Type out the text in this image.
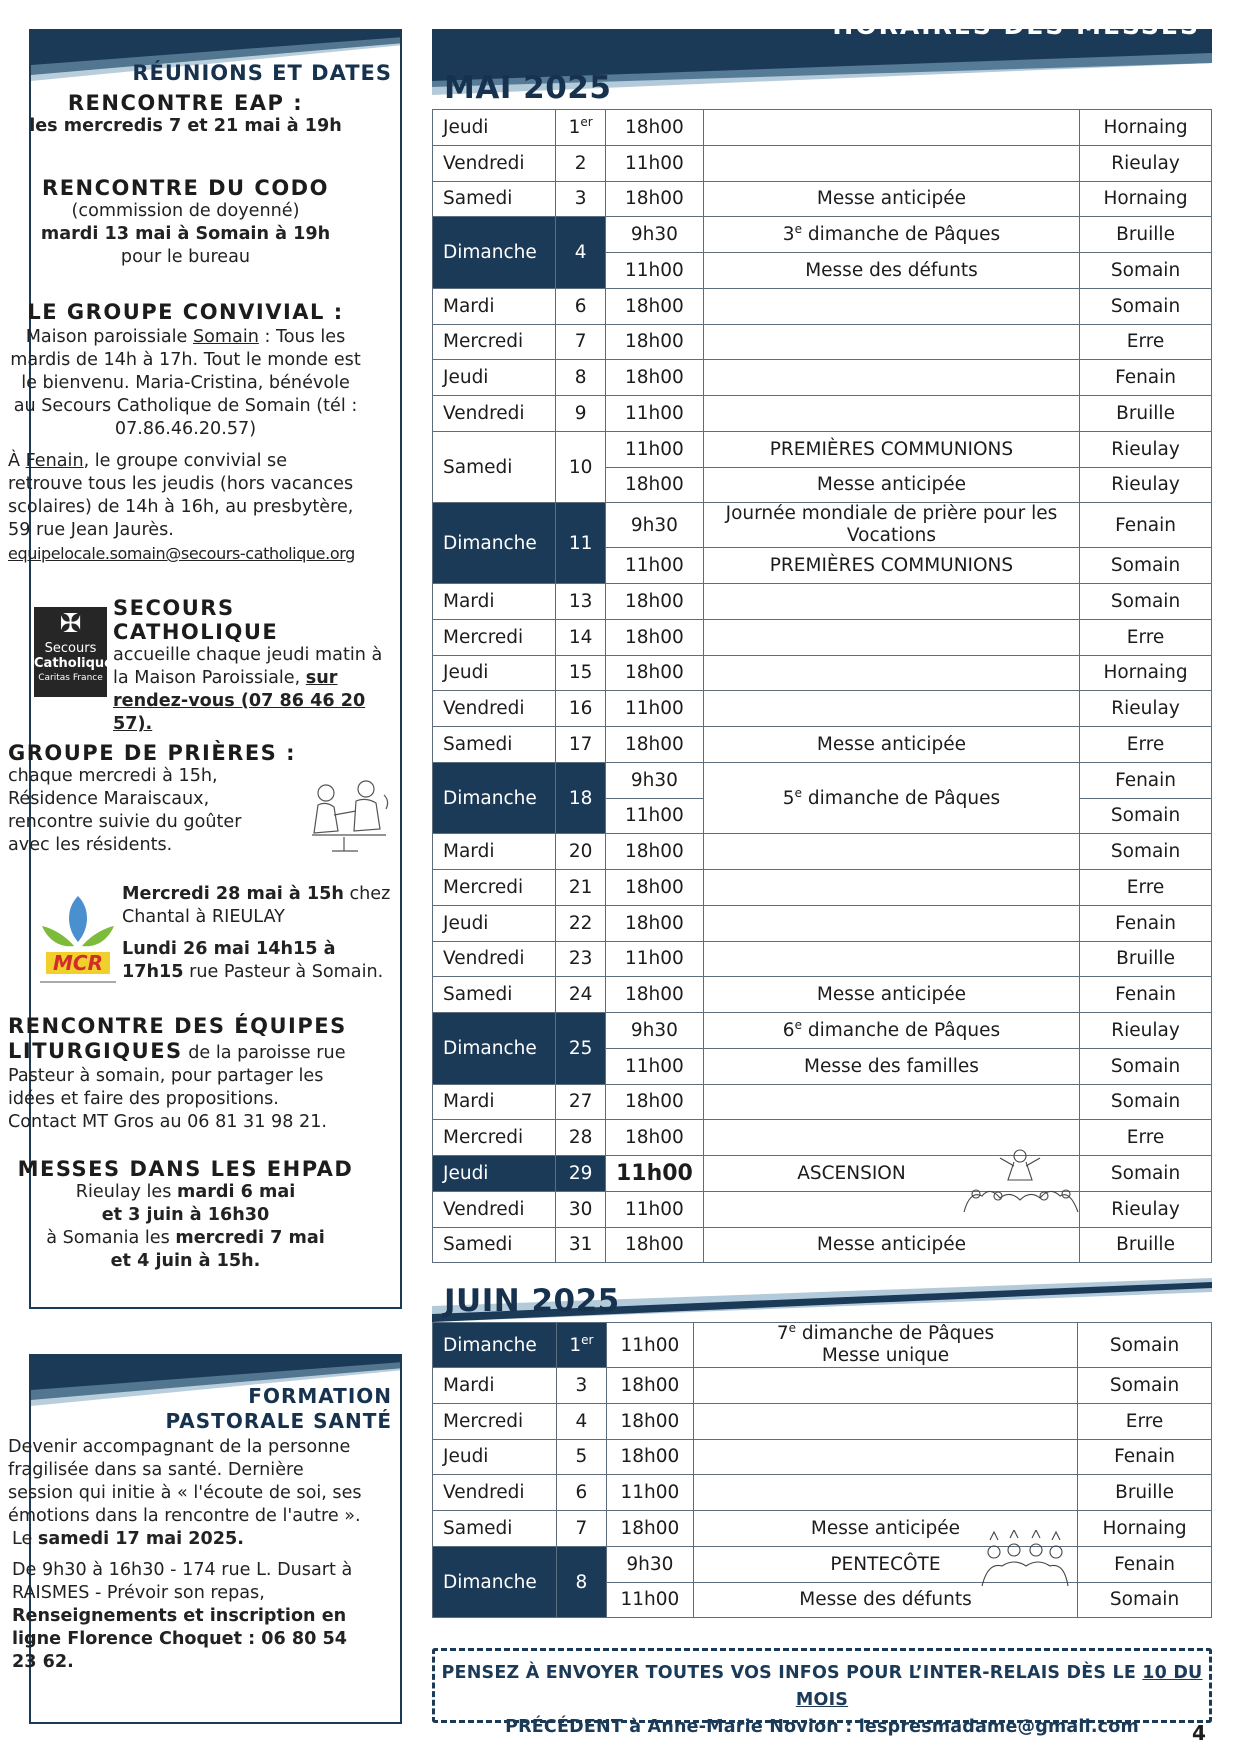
RÉUNIONS ET DATES
RENCONTRE EAP :
les mercredis 7 et 21 mai à 19h
RENCONTRE DU CODO
(commission de doyenné)
mardi 13 mai à Somain à 19h
pour le bureau
LE GROUPE CONVIVIAL :
Maison paroissiale Somain : Tous les mardis de 14h à 17h. Tout le monde est le bienvenu. Maria-Cristina, bénévole au Secours Catholique de Somain (tél : 07.86.46.20.57)
À Fenain, le groupe convivial se retrouve tous les jeudis (hors vacances scolaires) de 14h à 16h, au presbytère, 59 rue Jean Jaurès.
equipelocale.somain@secours-catholique.org
✠
Secours
Catholique
Caritas France
SECOURS
CATHOLIQUE
accueille chaque jeudi matin à la Maison Paroissiale, sur rendez-vous (07 86 46 20 57).
GROUPE DE PRIÈRES :
chaque mercredi à 15h, Résidence Maraiscaux, rencontre suivie du goûter avec les résidents.
MCR
Mercredi 28 mai à 15h chez Chantal à RIEULAY
Lundi 26 mai 14h15 à 17h15 rue Pasteur à Somain.
RENCONTRE DES ÉQUIPES LITURGIQUES de la paroisse rue Pasteur à somain, pour partager les idées et faire des propositions.
Contact MT Gros au 06 81 31 98 21.
MESSES DANS LES EHPAD
Rieulay les mardi 6 mai
et 3 juin à 16h30
à Somania les mercredi 7 mai
et 4 juin à 15h.
FORMATION
PASTORALE SANTÉ
Devenir accompagnant de la personne fragilisée dans sa santé. Dernière session qui initie à « l'écoute de soi, ses émotions dans la rencontre de l'autre ».
Le samedi 17 mai 2025.
De 9h30 à 16h30 - 174 rue L. Dusart à RAISMES - Prévoir son repas,
Renseignements et inscription en ligne Florence Choquet : 06 80 54 23 62.
HORAIRES DES MESSES
MAI 2025
Jeudi	1er	18h00		Hornaing
Vendredi	2	11h00		Rieulay
Samedi	3	18h00	Messe anticipée	Hornaing
Dimanche	4	9h30	3e dimanche de Pâques	Bruille
		11h00	Messe des défunts	Somain
Mardi	6	18h00		Somain
Mercredi	7	18h00		Erre
Jeudi	8	18h00		Fenain
Vendredi	9	11h00		Bruille
Samedi	10	11h00	PREMIÈRES COMMUNIONS	Rieulay
		18h00	Messe anticipée	Rieulay
Dimanche	11	9h30	Journée mondiale de prière pour les Vocations	Fenain
		11h00	PREMIÈRES COMMUNIONS	Somain
Mardi	13	18h00		Somain
Mercredi	14	18h00		Erre
Jeudi	15	18h00		Hornaing
Vendredi	16	11h00		Rieulay
Samedi	17	18h00	Messe anticipée	Erre
Dimanche	18	9h30	5e dimanche de Pâques	Fenain
		11h00		Somain
Mardi	20	18h00		Somain
Mercredi	21	18h00		Erre
Jeudi	22	18h00		Fenain
Vendredi	23	11h00		Bruille
Samedi	24	18h00	Messe anticipée	Fenain
Dimanche	25	9h30	6e dimanche de Pâques	Rieulay
		11h00	Messe des familles	Somain
Mardi	27	18h00		Somain
Mercredi	28	18h00		Erre
Jeudi	29	11h00	ASCENSION	Somain
Vendredi	30	11h00		Rieulay
Samedi	31	18h00	Messe anticipée	Bruille
JUIN 2025
Dimanche	1er	11h00	7e dimanche de Pâques
Messe unique	Somain
Mardi	3	18h00		Somain
Mercredi	4	18h00		Erre
Jeudi	5	18h00		Fenain
Vendredi	6	11h00		Bruille
Samedi	7	18h00	Messe anticipée	Hornaing
Dimanche	8	9h30	PENTECÔTE	Fenain
		11h00	Messe des défunts	Somain
PENSEZ À ENVOYER TOUTES VOS INFOS POUR L’INTER-RELAIS DÈS LE 10 DU MOIS
PRÉCÉDENT à Anne-Marie Novion : lespresmadame@gmail.com	4
